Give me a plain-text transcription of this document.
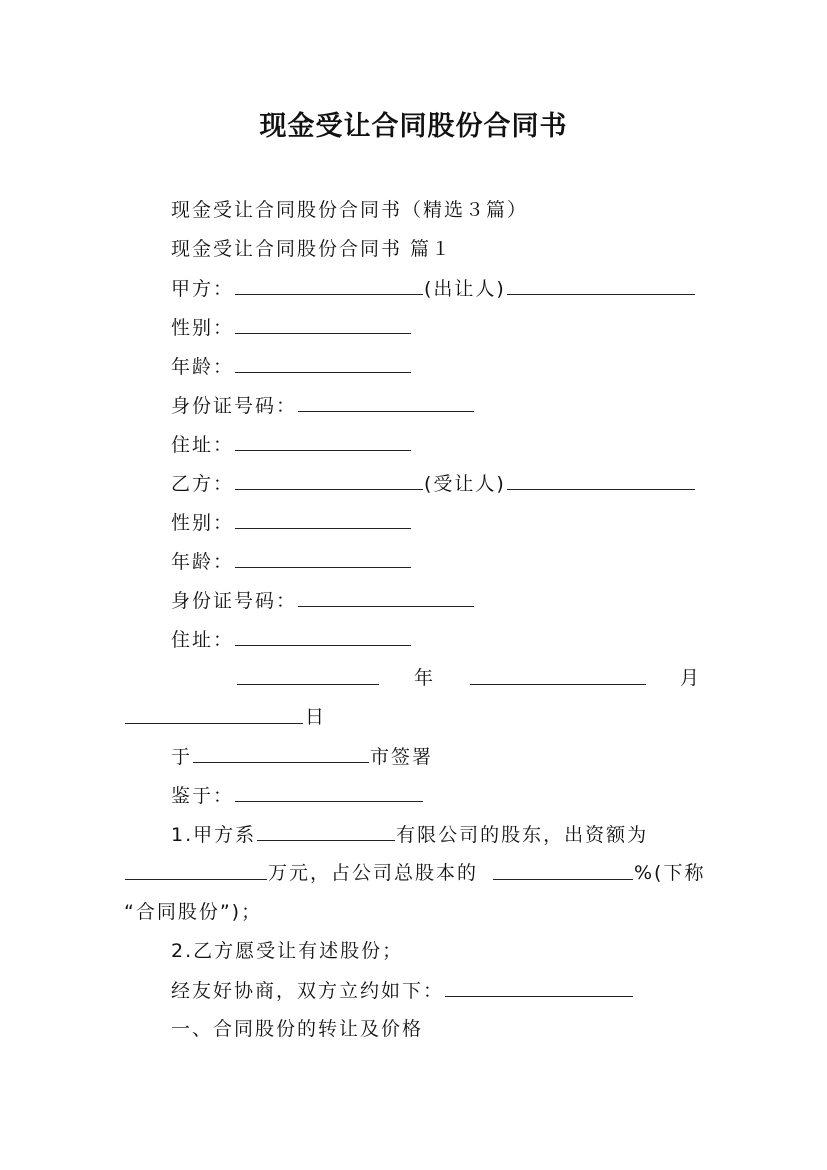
现金受让合同股份合同书
现金受让合同股份合同书（精选３篇）
现金受让合同股份合同书 篇１
甲方：	(出让人)
性别：
年龄：
身份证号码：
住址：
乙方：	(受让人)
性别：
年龄：
身份证号码：
住址：
年	月
日
于	市签署
鉴于：
1.甲方系	有限公司的股东，出资额为
万元，占公司总股本的	%(下称
“合同股份”)；
2.乙方愿受让有述股份；
经友好协商，双方立约如下：
一、合同股份的转让及价格
